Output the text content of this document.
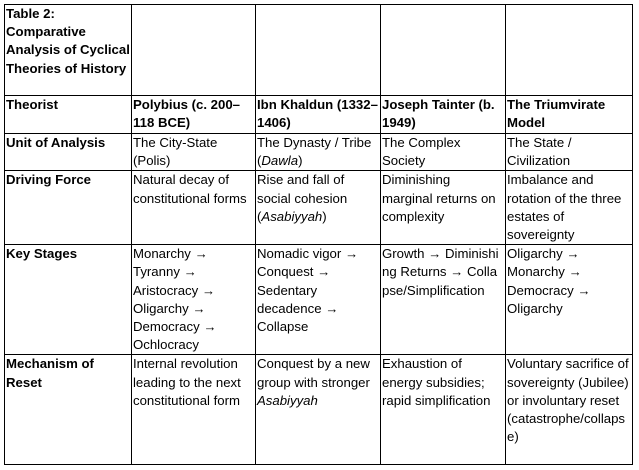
Table 2: Comparative Analysis of Cyclical Theories of History				
Theorist	Polybius (c. 200–118 BCE)	Ibn Khaldun (1332–1406)	Joseph Tainter (b. 1949)	The Triumvirate Model
Unit of Analysis	The City-State (Polis)	The Dynasty / Tribe (Dawla)	The Complex Society	The State / Civilization
Driving Force	Natural decay of constitutional forms	Rise and fall of social cohesion (Asabiyyah)	Diminishing marginal returns on complexity	Imbalance and rotation of the three estates of sovereignty
Key Stages	Monarchy → Tyranny → Aristocracy → Oligarchy → Democracy → Ochlocracy	Nomadic vigor → Conquest → Sedentary decadence → Collapse	Growth → Diminishing Returns → Collapse/Simplification	Oligarchy → Monarchy → Democracy → Oligarchy
Mechanism of Reset	Internal revolution leading to the next constitutional form	Conquest by a new group with stronger Asabiyyah	Exhaustion of energy subsidies; rapid simplification	Voluntary sacrifice of sovereignty (Jubilee) or involuntary reset (catastrophe/collapse)
